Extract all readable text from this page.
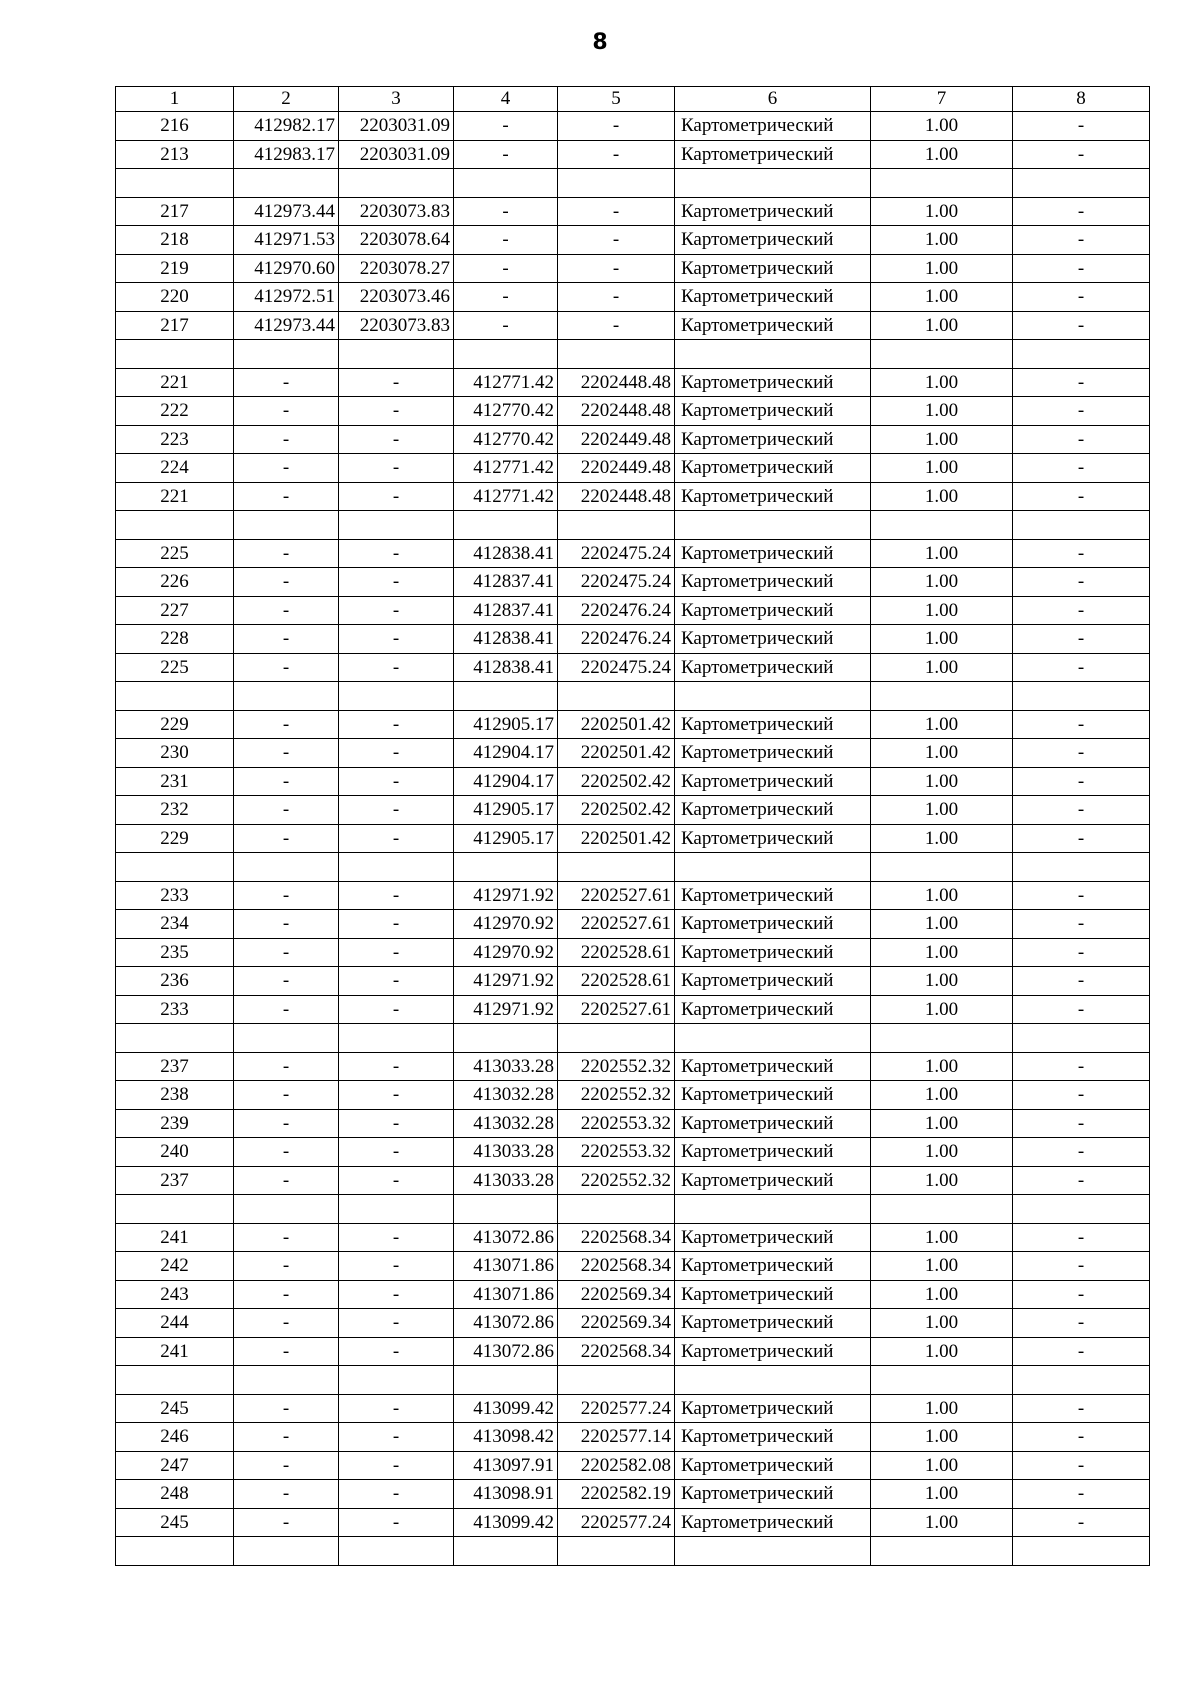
8
1	2	3	4	5	6	7	8
216	412982.17	2203031.09	-	-	Картометрический	1.00	-
213	412983.17	2203031.09	-	-	Картометрический	1.00	-

217	412973.44	2203073.83	-	-	Картометрический	1.00	-
218	412971.53	2203078.64	-	-	Картометрический	1.00	-
219	412970.60	2203078.27	-	-	Картометрический	1.00	-
220	412972.51	2203073.46	-	-	Картометрический	1.00	-
217	412973.44	2203073.83	-	-	Картометрический	1.00	-

221	-	-	412771.42	2202448.48	Картометрический	1.00	-
222	-	-	412770.42	2202448.48	Картометрический	1.00	-
223	-	-	412770.42	2202449.48	Картометрический	1.00	-
224	-	-	412771.42	2202449.48	Картометрический	1.00	-
221	-	-	412771.42	2202448.48	Картометрический	1.00	-

225	-	-	412838.41	2202475.24	Картометрический	1.00	-
226	-	-	412837.41	2202475.24	Картометрический	1.00	-
227	-	-	412837.41	2202476.24	Картометрический	1.00	-
228	-	-	412838.41	2202476.24	Картометрический	1.00	-
225	-	-	412838.41	2202475.24	Картометрический	1.00	-

229	-	-	412905.17	2202501.42	Картометрический	1.00	-
230	-	-	412904.17	2202501.42	Картометрический	1.00	-
231	-	-	412904.17	2202502.42	Картометрический	1.00	-
232	-	-	412905.17	2202502.42	Картометрический	1.00	-
229	-	-	412905.17	2202501.42	Картометрический	1.00	-

233	-	-	412971.92	2202527.61	Картометрический	1.00	-
234	-	-	412970.92	2202527.61	Картометрический	1.00	-
235	-	-	412970.92	2202528.61	Картометрический	1.00	-
236	-	-	412971.92	2202528.61	Картометрический	1.00	-
233	-	-	412971.92	2202527.61	Картометрический	1.00	-

237	-	-	413033.28	2202552.32	Картометрический	1.00	-
238	-	-	413032.28	2202552.32	Картометрический	1.00	-
239	-	-	413032.28	2202553.32	Картометрический	1.00	-
240	-	-	413033.28	2202553.32	Картометрический	1.00	-
237	-	-	413033.28	2202552.32	Картометрический	1.00	-

241	-	-	413072.86	2202568.34	Картометрический	1.00	-
242	-	-	413071.86	2202568.34	Картометрический	1.00	-
243	-	-	413071.86	2202569.34	Картометрический	1.00	-
244	-	-	413072.86	2202569.34	Картометрический	1.00	-
241	-	-	413072.86	2202568.34	Картометрический	1.00	-

245	-	-	413099.42	2202577.24	Картометрический	1.00	-
246	-	-	413098.42	2202577.14	Картометрический	1.00	-
247	-	-	413097.91	2202582.08	Картометрический	1.00	-
248	-	-	413098.91	2202582.19	Картометрический	1.00	-
245	-	-	413099.42	2202577.24	Картометрический	1.00	-
